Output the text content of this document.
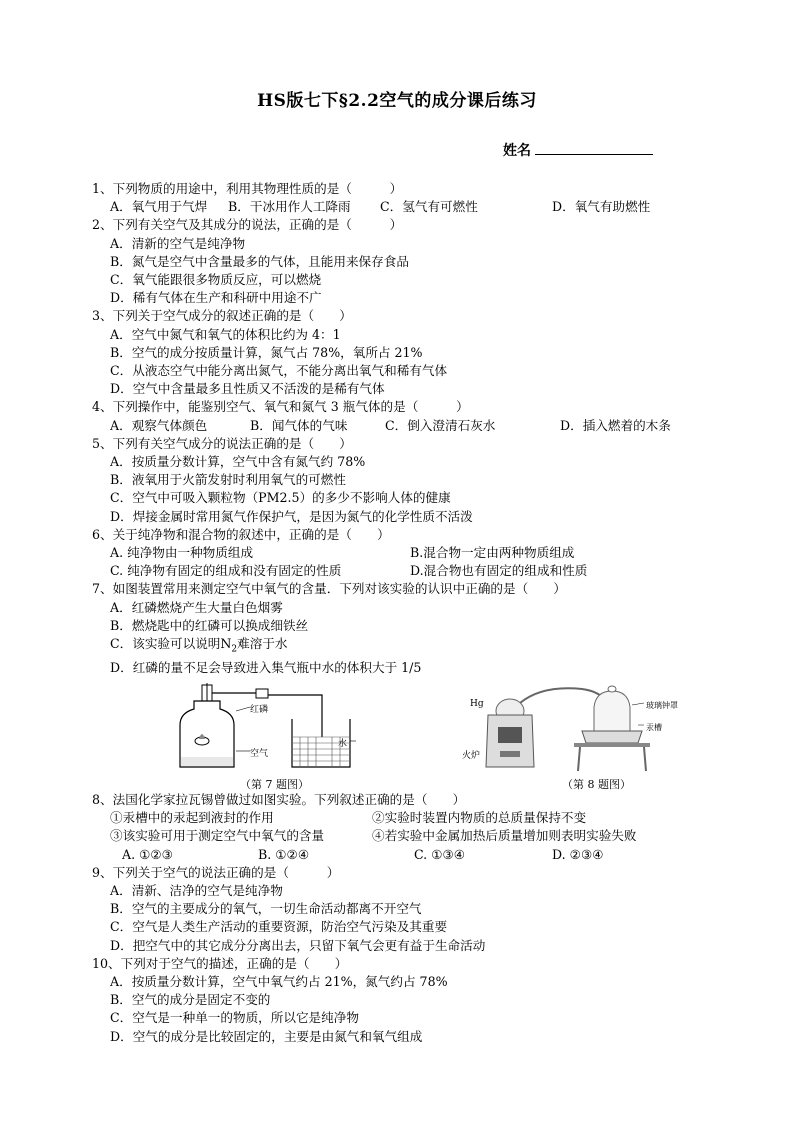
HS版七下§2.2空气的成分课后练习
姓名
1、下列物质的用途中，利用其物理性质的是（　　　）
A．氧气用于气焊	B．干冰用作人工降雨	C．氢气有可燃性	D．氧气有助燃性
2、下列有关空气及其成分的说法，正确的是（　　　）
A．清新的空气是纯净物
B．氮气是空气中含量最多的气体，且能用来保存食品
C．氧气能跟很多物质反应，可以燃烧
D．稀有气体在生产和科研中用途不广
3、下列关于空气成分的叙述正确的是（　　）
A．空气中氮气和氧气的体积比约为 4：1
B．空气的成分按质量计算，氮气占 78%，氧所占 21%
C．从液态空气中能分离出氮气，不能分离出氧气和稀有气体
D．空气中含量最多且性质又不活泼的是稀有气体
4、下列操作中，能鉴别空气、氧气和氮气 3 瓶气体的是（　　　）
A．观察气体颜色	B．闻气体的气味	C．倒入澄清石灰水	D．插入燃着的木条
5、下列有关空气成分的说法正确的是（　　）
A．按质量分数计算，空气中含有氮气约 78%
B．液氧用于火箭发射时利用氧气的可燃性
C．空气中可吸入颗粒物（PM2.5）的多少不影响人体的健康
D．焊接金属时常用氮气作保护气，是因为氮气的化学性质不活泼
6、关于纯净物和混合物的叙述中，正确的是（　　）
A. 纯净物由一种物质组成	B.混合物一定由两种物质组成
C. 纯净物有固定的组成和没有固定的性质	D.混合物也有固定的组成和性质
7、如图装置常用来测定空气中氧气的含量．下列对该实验的认识中正确的是（　　）
A．红磷燃烧产生大量白色烟雾
B．燃烧匙中的红磷可以换成细铁丝
C．该实验可以说明$N_2$难溶于水
D．红磷的量不足会导致进入集气瓶中水的体积大于 1/5
红磷
空气
水
（第 7 题图）
Hg
火炉
玻璃钟罩
汞槽
（第 8 题图）
8、法国化学家拉瓦锡曾做过如图实验。下列叙述正确的是（　　）
①汞槽中的汞起到液封的作用	②实验时装置内物质的总质量保持不变
③该实验可用于测定空气中氧气的含量	④若实验中金属加热后质量增加则表明实验失败
A. ①②③	B. ①②④	C. ①③④	D. ②③④
9、下列关于空气的说法正确的是（　　　）
A．清新、洁净的空气是纯净物
B．空气的主要成分的氧气，一切生命活动都离不开空气
C．空气是人类生产活动的重要资源，防治空气污染及其重要
D．把空气中的其它成分分离出去，只留下氧气会更有益于生命活动
10、下列对于空气的描述，正确的是（　　）
A．按质量分数计算，空气中氧气约占 21%，氮气约占 78%
B．空气的成分是固定不变的
C．空气是一种单一的物质，所以它是纯净物
D．空气的成分是比较固定的，主要是由氮气和氧气组成
